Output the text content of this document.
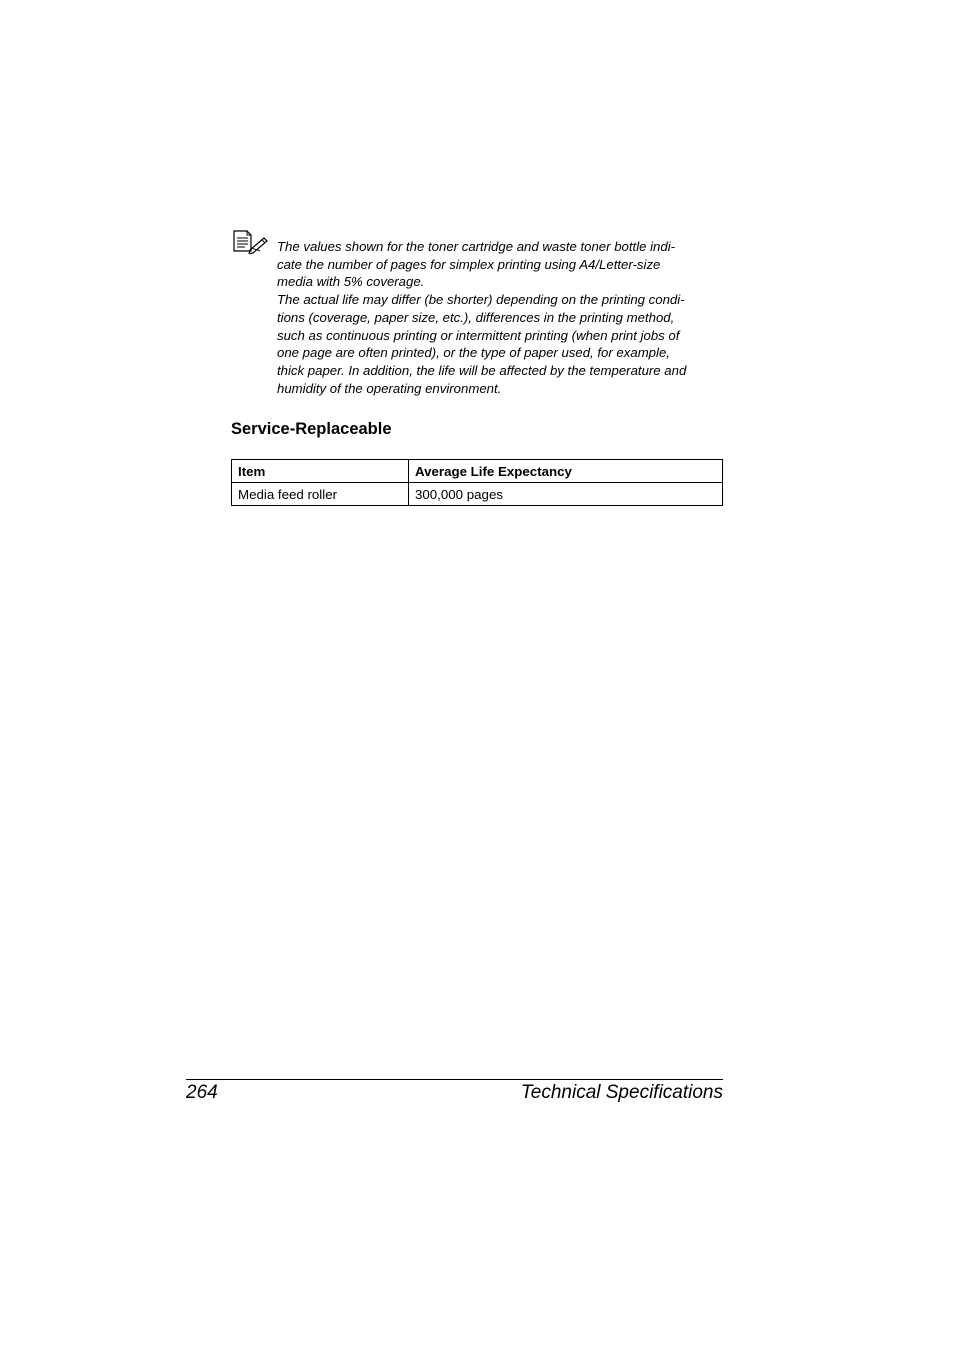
The values shown for the toner cartridge and waste toner bottle indi-
cate the number of pages for simplex printing using A4/Letter-size
media with 5% coverage.

The actual life may differ (be shorter) depending on the printing condi-
tions (coverage, paper size, etc.), differences in the printing method,
such as continuous printing or intermittent printing (when print jobs of
one page are often printed), or the type of paper used, for example,
thick paper. In addition, the life will be affected by the temperature and
humidity of the operating environment.

Service-Replaceable
Item	Average Life Expectancy
Media feed roller	300,000 pages
264	Technical Specifications
